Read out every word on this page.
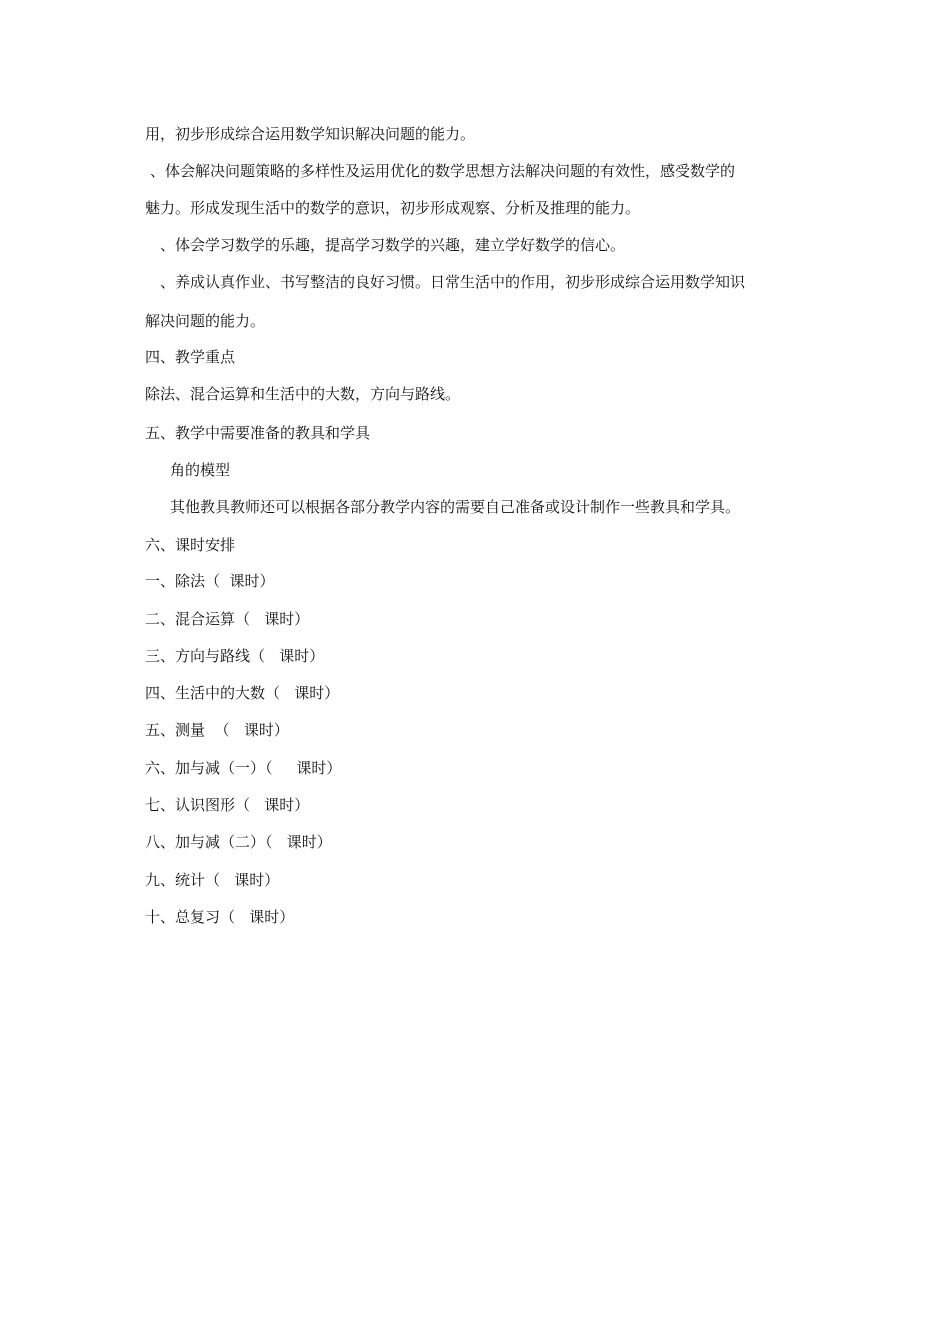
用，初步形成综合运用数学知识解决问题的能力。
、体会解决问题策略的多样性及运用优化的数学思想方法解决问题的有效性，感受数学的
魅力。形成发现生活中的数学的意识，初步形成观察、分析及推理的能力。
、体会学习数学的乐趣，提高学习数学的兴趣，建立学好数学的信心。
、养成认真作业、书写整洁的良好习惯。日常生活中的作用，初步形成综合运用数学知识
解决问题的能力。
四、教学重点
除法、混合运算和生活中的大数，方向与路线。
五、教学中需要准备的教具和学具
角的模型
其他教具教师还可以根据各部分教学内容的需要自己准备或设计制作一些教具和学具。
六、课时安排
一、除法（  课时）
二、混合运算（   课时）
三、方向与路线（   课时）
四、生活中的大数（   课时）
五、测量  （   课时）
六、加与减（一）（     课时）
七、认识图形（   课时）
八、加与减（二）（   课时）
九、统计（   课时）
十、总复习（   课时）
